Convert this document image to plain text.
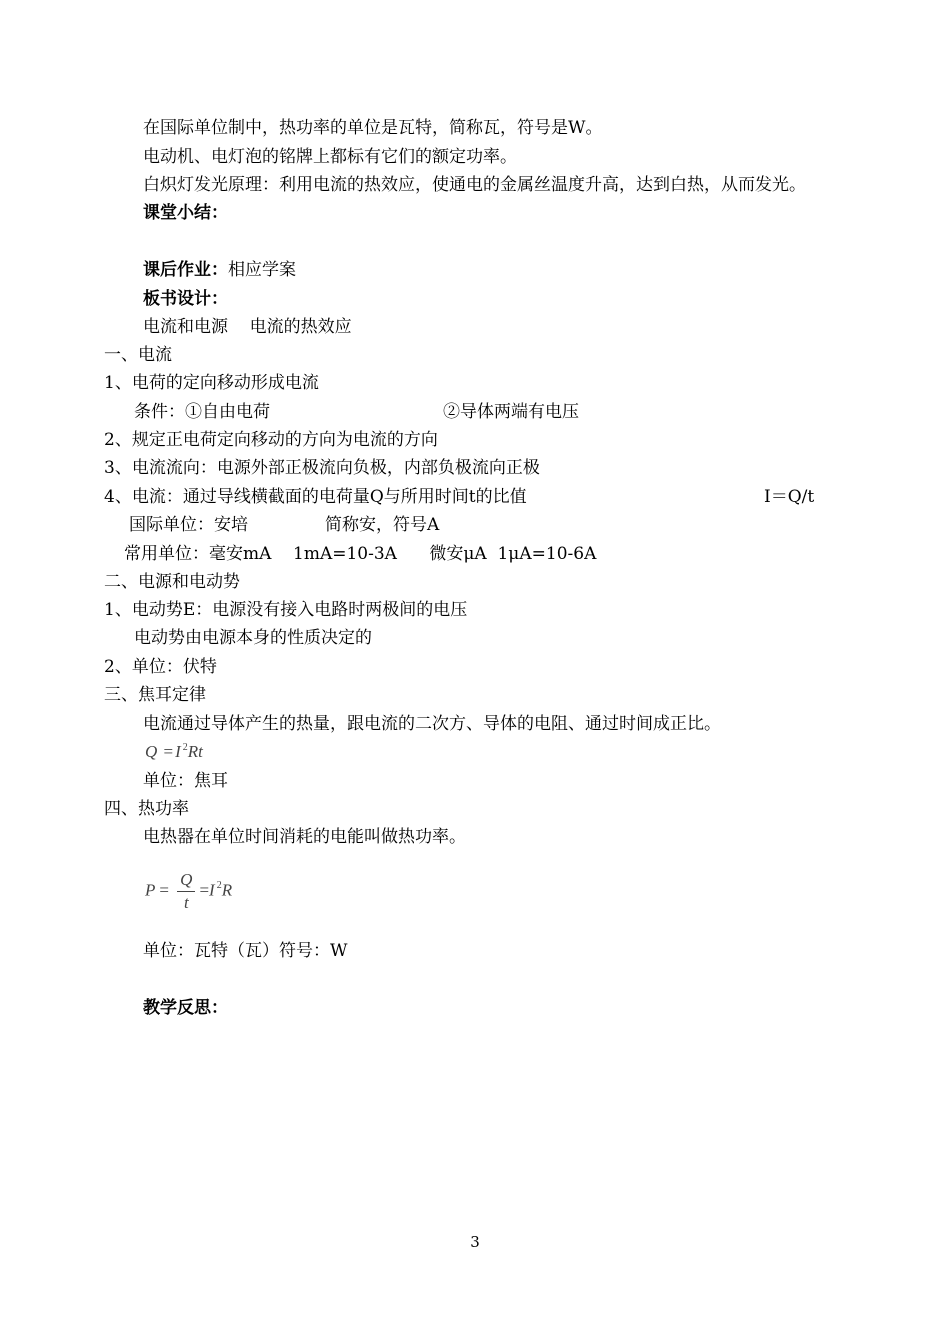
在国际单位制中，热功率的单位是瓦特，简称瓦，符号是W。
电动机、电灯泡的铭牌上都标有它们的额定功率。
白炽灯发光原理：利用电流的热效应，使通电的金属丝温度升高，达到白热，从而发光。
课堂小结：
课后作业：相应学案
板书设计：
电流和电源    电流的热效应
一、电流
1、电荷的定向移动形成电流
条件：①自由电荷	②导体两端有电压
2、规定正电荷定向移动的方向为电流的方向
3、电流流向：电源外部正极流向负极，内部负极流向正极
4、电流：通过导线横截面的电荷量Q与所用时间t的比值	I＝Q/t
国际单位：安培	简称安，符号A
常用单位：毫安mA    1mA=10-3A      微安μA  1μA=10-6A
二、电源和电动势
1、电动势E：电源没有接入电路时两极间的电压
电动势由电源本身的性质决定的
2、单位：伏特
三、焦耳定律
电流通过导体产生的热量，跟电流的二次方、导体的电阻、通过时间成正比。
Q = I $^2$Rt
单位：焦耳
四、热功率
电热器在单位时间消耗的电能叫做热功率。
$P = \frac{Q}{t} =I$ $^2$R
单位：瓦特（瓦）符号：W
教学反思：
3
